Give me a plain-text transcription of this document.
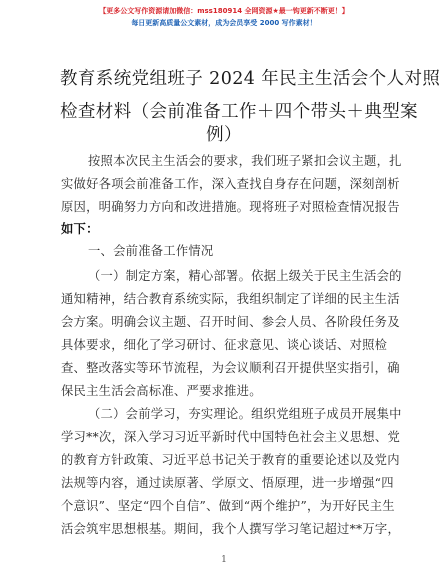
【更多公文写作资源请加微信：mss180914 全网资源★最一钩更新不断更！】
每日更新高质量公文素材，成为会员享受 2000 写作素材！
教育系统党组班子 2024 年民主生活会个人对照
检查材料（会前准备工作＋四个带头＋典型案
例）
按照本次民主生活会的要求，我们班子紧扣会议主题，扎
实做好各项会前准备工作，深入查找自身存在问题，深刻剖析
原因，明确努力方向和改进措施。现将班子对照检查情况报告
如下：
一、会前准备工作情况
（一）制定方案，精心部署。依据上级关于民主生活会的
通知精神，结合教育系统实际，我组织制定了详细的民主生活
会方案。明确会议主题、召开时间、参会人员、各阶段任务及
具体要求，细化了学习研讨、征求意见、谈心谈话、对照检
查、整改落实等环节流程，为会议顺利召开提供坚实指引，确
保民主生活会高标准、严要求推进。
（二）会前学习，夯实理论。组织党组班子成员开展集中
学习**次，深入学习习近平新时代中国特色社会主义思想、党
的教育方针政策、习近平总书记关于教育的重要论述以及党内
法规等内容，通过读原著、学原文、悟原理，进一步增强“四
个意识”、坚定“四个自信”、做到“两个维护”，为开好民主生
活会筑牢思想根基。期间，我个人撰写学习笔记超过**万字，
1
